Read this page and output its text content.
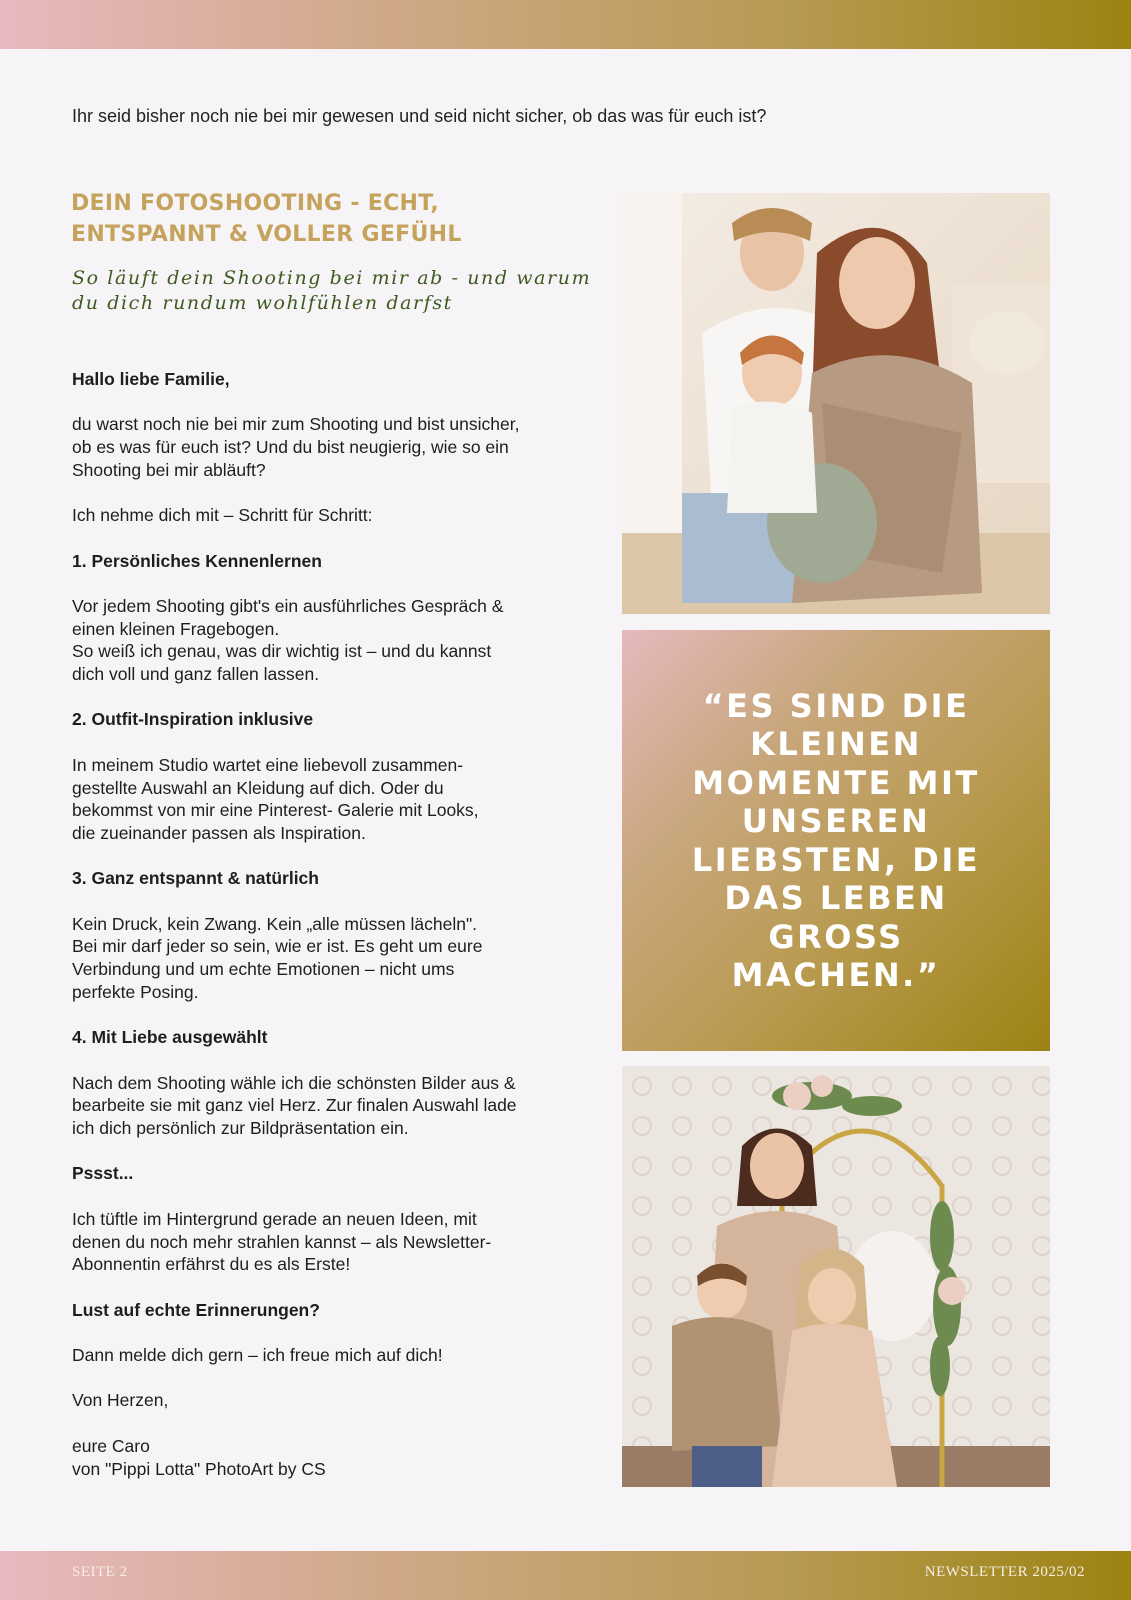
Ihr seid bisher noch nie bei mir gewesen und seid nicht sicher, ob das was für euch ist?
DEIN FOTOSHOOTING - ECHT, ENTSPANNT & VOLLER GEFÜHL
So läuft dein Shooting bei mir ab - und warum du dich rundum wohlfühlen darfst

Hallo liebe Familie,

du warst noch nie bei mir zum Shooting und bist unsicher,
ob es was für euch ist? Und du bist neugierig, wie so ein
Shooting bei mir abläuft?

Ich nehme dich mit – Schritt für Schritt:

1. Persönliches Kennenlernen

Vor jedem Shooting gibt's ein ausführliches Gespräch &
einen kleinen Fragebogen.
So weiß ich genau, was dir wichtig ist – und du kannst
dich voll und ganz fallen lassen.

2. Outfit-Inspiration inklusive

In meinem Studio wartet eine liebevoll zusammen-
gestellte Auswahl an Kleidung auf dich. Oder du
bekommst von mir eine Pinterest- Galerie mit Looks,
die zueinander passen als Inspiration.

3. Ganz entspannt & natürlich

Kein Druck, kein Zwang. Kein „alle müssen lächeln".
Bei mir darf jeder so sein, wie er ist. Es geht um eure
Verbindung und um echte Emotionen – nicht ums
perfekte Posing.

4. Mit Liebe ausgewählt

Nach dem Shooting wähle ich die schönsten Bilder aus &
bearbeite sie mit ganz viel Herz. Zur finalen Auswahl lade
ich dich persönlich zur Bildpräsentation ein.

Pssst...

Ich tüftle im Hintergrund gerade an neuen Ideen, mit
denen du noch mehr strahlen kannst – als Newsletter-
Abonnentin erfährst du es als Erste!

Lust auf echte Erinnerungen?

Dann melde dich gern – ich freue mich auf dich!

Von Herzen,

eure Caro
von "Pippi Lotta" PhotoArt by CS

“ES SIND DIE KLEINEN MOMENTE MIT UNSEREN LIEBSTEN, DIE DAS LEBEN GROSS MACHEN.”
SEITE 2	NEWSLETTER 2025/02
